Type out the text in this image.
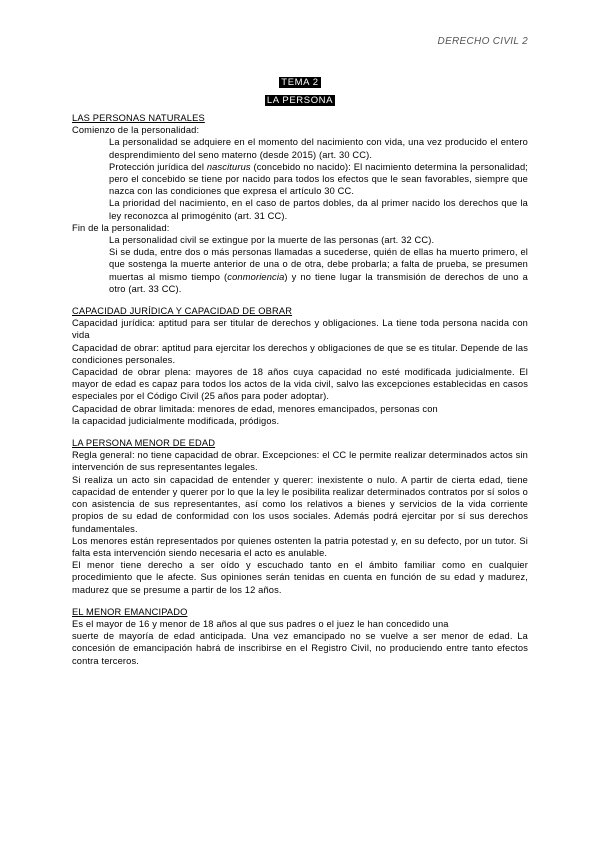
DERECHO CIVIL 2
TEMA 2
LA PERSONA

LAS PERSONAS NATURALES

Comienzo de la personalidad:

La personalidad se adquiere en el momento del nacimiento con vida, una vez producido el entero desprendimiento del seno materno (desde 2015) (art. 30 CC).

Protección jurídica del nasciturus (concebido no nacido): El nacimiento determina la personalidad; pero el concebido se tiene por nacido para todos los efectos que le sean favorables, siempre que nazca con las condiciones que expresa el artículo 30 CC.

La prioridad del nacimiento, en el caso de partos dobles, da al primer nacido los derechos que la ley reconozca al primogénito (art. 31 CC).

Fin de la personalidad:

La personalidad civil se extingue por la muerte de las personas (art. 32 CC).

Si se duda, entre dos o más personas llamadas a sucederse, quién de ellas ha muerto primero, el que sostenga la muerte anterior de una o de otra, debe probarla; a falta de prueba, se presumen muertas al mismo tiempo (conmoriencia) y no tiene lugar la transmisión de derechos de uno a otro (art. 33 CC).

CAPACIDAD JURÍDICA Y CAPACIDAD DE OBRAR

Capacidad jurídica: aptitud para ser titular de derechos y obligaciones. La tiene toda persona nacida con vida

Capacidad de obrar: aptitud para ejercitar los derechos y obligaciones de que se es titular. Depende de las condiciones personales.

Capacidad de obrar plena: mayores de 18 años cuya capacidad no esté modificada judicialmente. El mayor de edad es capaz para todos los actos de la vida civil, salvo las excepciones establecidas en casos especiales por el Código Civil (25 años para poder adoptar).

Capacidad de obrar limitada: menores de edad, menores emancipados, personas con

la capacidad judicialmente modificada, pródigos.

LA PERSONA MENOR DE EDAD

Regla general: no tiene capacidad de obrar. Excepciones: el CC le permite realizar determinados actos sin intervención de sus representantes legales.

Si realiza un acto sin capacidad de entender y querer: inexistente o nulo. A partir de cierta edad, tiene capacidad de entender y querer por lo que la ley le posibilita realizar determinados contratos por sí solos o con asistencia de sus representantes, así como los relativos a bienes y servicios de la vida corriente propios de su edad de conformidad con los usos sociales. Además podrá ejercitar por sí sus derechos fundamentales.

Los menores están representados por quienes ostenten la patria potestad y, en su defecto, por un tutor. Si falta esta intervención siendo necesaria el acto es anulable.

El menor tiene derecho a ser oído y escuchado tanto en el ámbito familiar como en cualquier procedimiento que le afecte. Sus opiniones serán tenidas en cuenta en función de su edad y madurez, madurez que se presume a partir de los 12 años.

EL MENOR EMANCIPADO

Es el mayor de 16 y menor de 18 años al que sus padres o el juez le han concedido una

suerte de mayoría de edad anticipada. Una vez emancipado no se vuelve a ser menor de edad. La concesión de emancipación habrá de inscribirse en el Registro Civil, no produciendo entre tanto efectos contra terceros.
